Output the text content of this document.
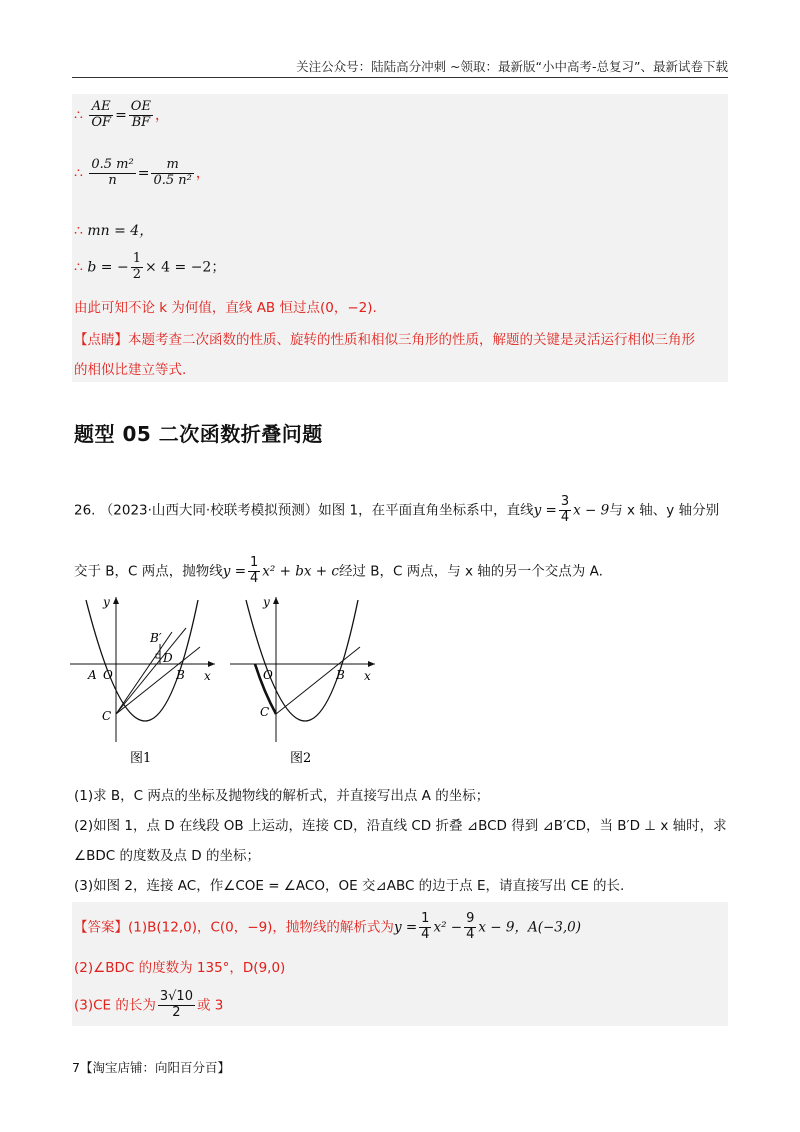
关注公众号：陆陆高分冲刺 ~领取：最新版“小中高考-总复习”、最新试卷下载
∴ $\frac{AE}{OF} = \frac{OE}{BF}$ ，
∴ $\frac{\text{0.5 m²}}{n} = \frac{m}{\text{0.5 n²}}$ ，
∴ mn = 4，
∴ b = − $\frac{1}{2} \times 4 = -2$；
由此可知不论 k 为何值，直线 AB 恒过点(0，−2).
【点睛】本题考查二次函数的性质、旋转的性质和相似三角形的性质，解题的关键是灵活运行相似三角形
的相似比建立等式.
题型 05 二次函数折叠问题
26. （2023·山西大同·校联考模拟预测）如图 1，在平面直角坐标系中，直线$y = \frac{3}{4}$ x − 9与 x 轴、y 轴分别
交于 B，C 两点，抛物线$y = \frac{1}{4} x^2$ + bx + c经过 B，C 两点，与 x 轴的另一个交点为 A.
y
x
A O	B
C
D
B′
图1
y
x
O	B
C
图2
(1)求 B，C 两点的坐标及抛物线的解析式，并直接写出点 A 的坐标；
(2)如图 1，点 D 在线段 OB 上运动，连接 CD，沿直线 CD 折叠 ⊿BCD 得到 ⊿B′CD，当 B′D ⊥ x 轴时，求
∠BDC 的度数及点 D 的坐标；
(3)如图 2，连接 AC，作∠COE = ∠ACO，OE 交⊿ABC 的边于点 E，请直接写出 CE 的长.
【答案】(1)B(12,0)，C(0，−9)，抛物线的解析式为$y = \frac{1}{4} x^2 - \frac{9}{4}$ x − 9，A(−3,0)
(2)∠BDC 的度数为 135°，D(9,0)
(3)CE 的长为 $\frac{3√10}{2}$ 或 3
7【淘宝店铺：向阳百分百】
